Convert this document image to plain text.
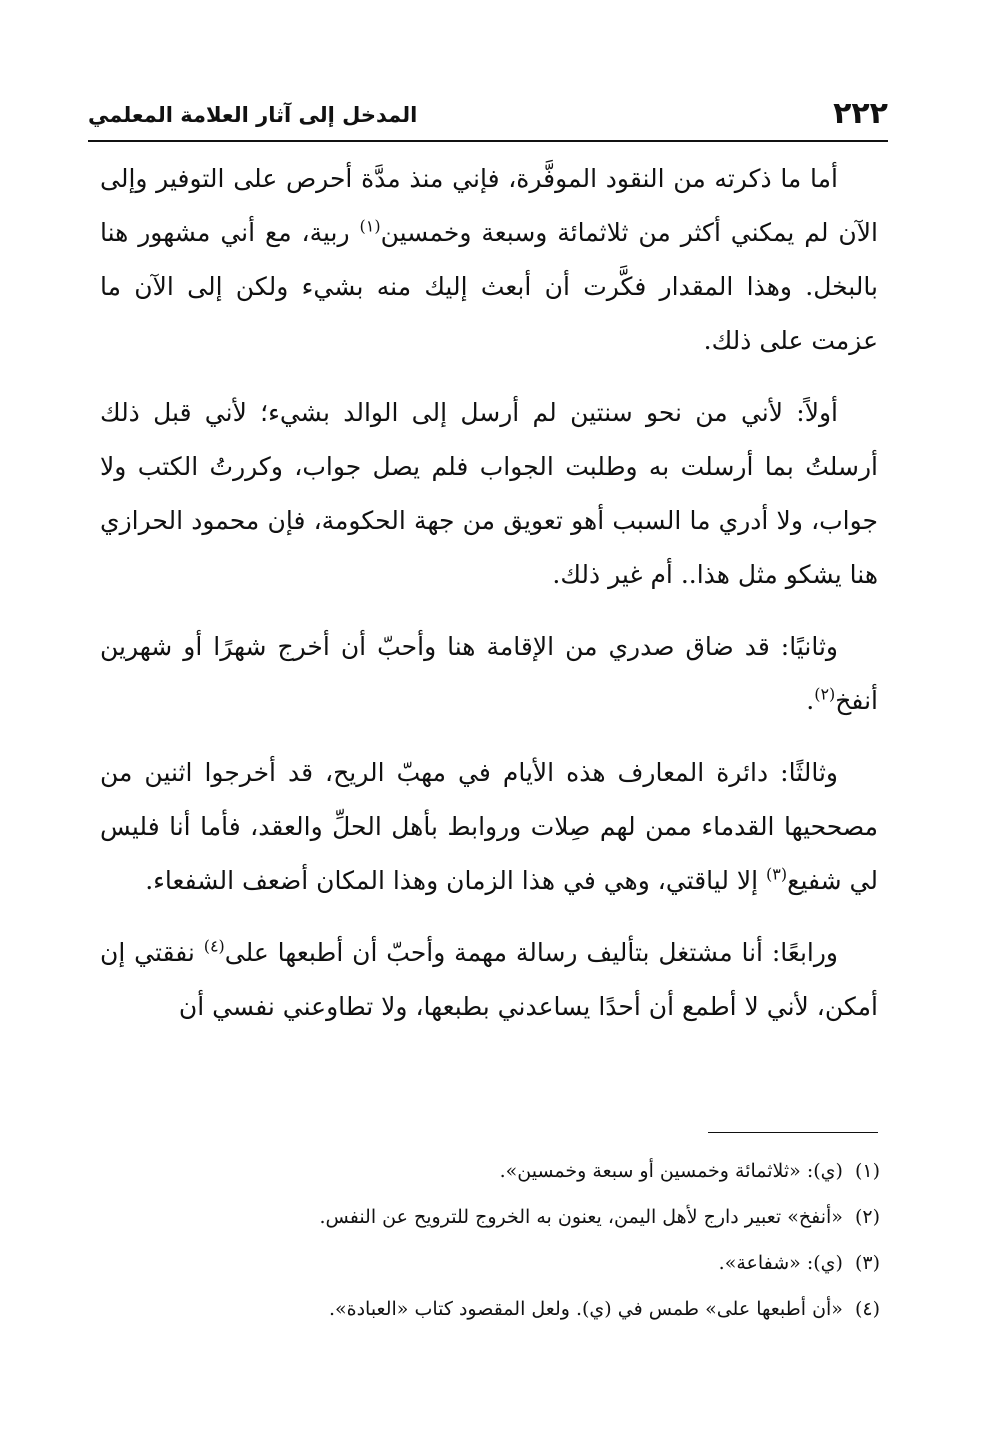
٢٢٢
المدخل إلى آثار العلامة المعلمي

أما ما ذكرته من النقود الموفَّرة، فإني منذ مدَّة أحرص على التوفير وإلى الآن لم يمكني أكثر من ثلاثمائة وسبعة وخمسين$^{(١)}$ ربية، مع أني مشهور هنا بالبخل. وهذا المقدار فكَّرت أن أبعث إليك منه بشيء ولكن إلى الآن ما عزمت على ذلك.

أولاً: لأني من نحو سنتين لم أرسل إلى الوالد بشيء؛ لأني قبل ذلك أرسلتُ بما أرسلت به وطلبت الجواب فلم يصل جواب، وكررتُ الكتب ولا جواب، ولا أدري ما السبب أهو تعويق من جهة الحكومة، فإن محمود الحرازي هنا يشكو مثل هذا.. أم غير ذلك.

وثانيًا: قد ضاق صدري من الإقامة هنا وأحبّ أن أخرج شهرًا أو شهرين أنفخ$^{(٢)}$.

وثالثًا: دائرة المعارف هذه الأيام في مهبّ الريح، قد أخرجوا اثنين من مصححيها القدماء ممن لهم صِلات وروابط بأهل الحلِّ والعقد، فأما أنا فليس لي شفيع$^{(٣)}$ إلا لياقتي، وهي في هذا الزمان وهذا المكان أضعف الشفعاء.

ورابعًا: أنا مشتغل بتأليف رسالة مهمة وأحبّ أن أطبعها على$^{(٤)}$ نفقتي إن أمكن، لأني لا أطمع أن أحدًا يساعدني بطبعها، ولا تطاوعني نفسي أن

(١)(ي): «ثلاثمائة وخمسين أو سبعة وخمسين».
(٢)«أنفخ» تعبير دارج لأهل اليمن، يعنون به الخروج للترويح عن النفس.
(٣)(ي): «شفاعة».
(٤)«أن أطبعها على» طمس في (ي). ولعل المقصود كتاب «العبادة».
